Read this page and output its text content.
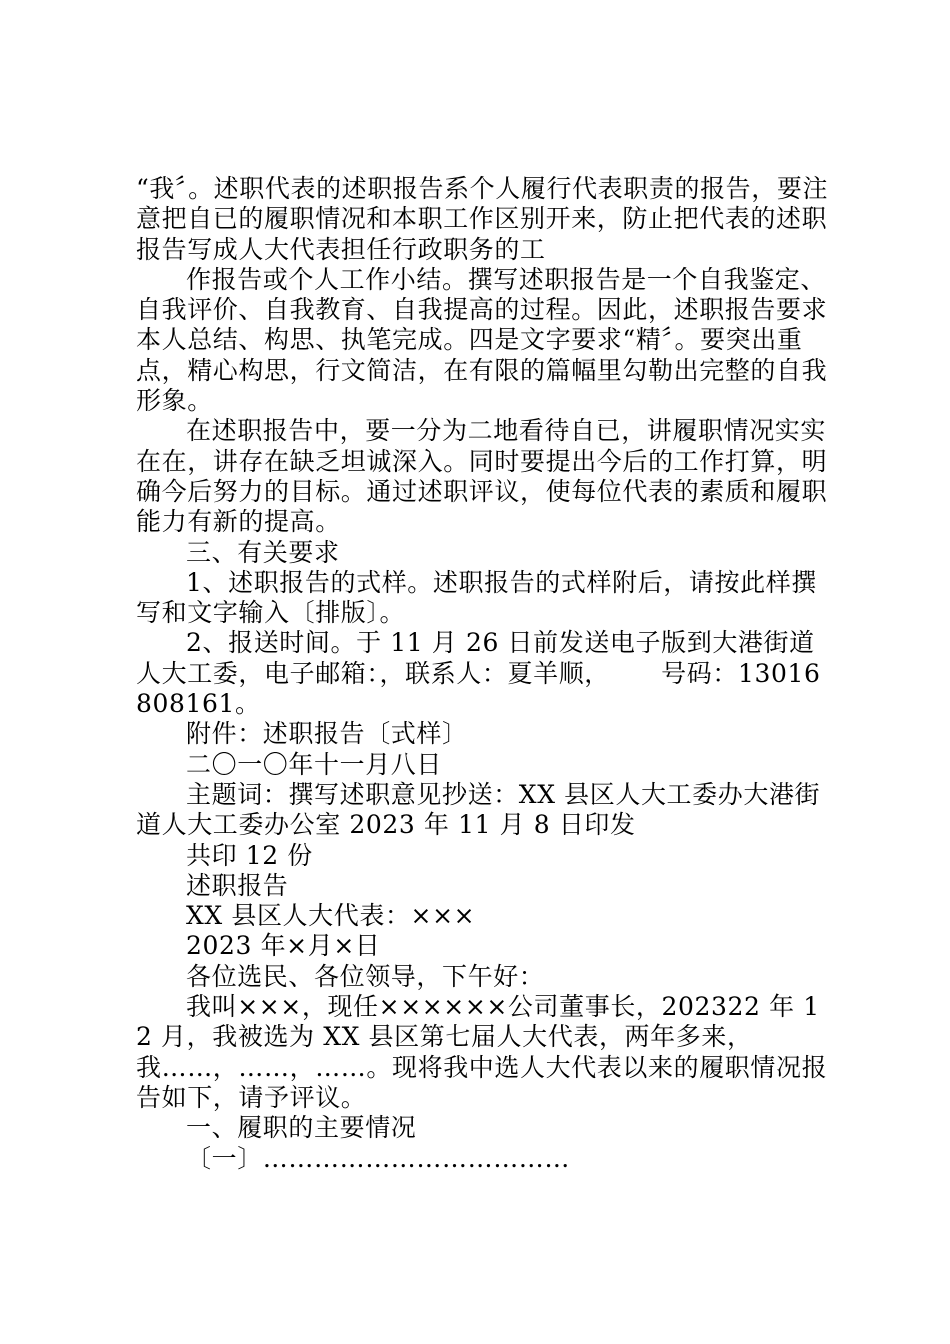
“我〞。述职代表的述职报告系个人履行代表职责的报告，要注意把自已的履职情况和本职工作区别开来，防止把代表的述职报告写成人大代表担任行政职务的工

作报告或个人工作小结。撰写述职报告是一个自我鉴定、自我评价、自我教育、自我提高的过程。因此，述职报告要求本人总结、构思、执笔完成。四是文字要求“精〞。要突出重点，精心构思，行文简洁，在有限的篇幅里勾勒出完整的自我形象。

在述职报告中，要一分为二地看待自已，讲履职情况实实在在，讲存在缺乏坦诚深入。同时要提出今后的工作打算，明确今后努力的目标。通过述职评议，使每位代表的素质和履职能力有新的提高。

三、有关要求

1、述职报告的式样。述职报告的式样附后，请按此样撰写和文字输入〔排版〕。

2、报送时间。于 11 月 26 日前发送电子版到大港街道人大工委，电子邮箱：，联系人：夏羊顺，      号码：13016808161。

附件：述职报告〔式样〕

二〇一〇年十一月八日

主题词：撰写述职意见抄送：XX 县区人大工委办大港街道人大工委办公室 2023 年 11 月 8 日印发

共印 12 份

述职报告

XX 县区人大代表：×××

2023 年×月×日

各位选民、各位领导，下午好：

我叫×××，现任××××××公司董事长，202322 年 12 月，我被选为 XX 县区第七届人大代表，两年多来，我……，……，……。现将我中选人大代表以来的履职情况报告如下，请予评议。

一、履职的主要情况

〔一〕………………………………
